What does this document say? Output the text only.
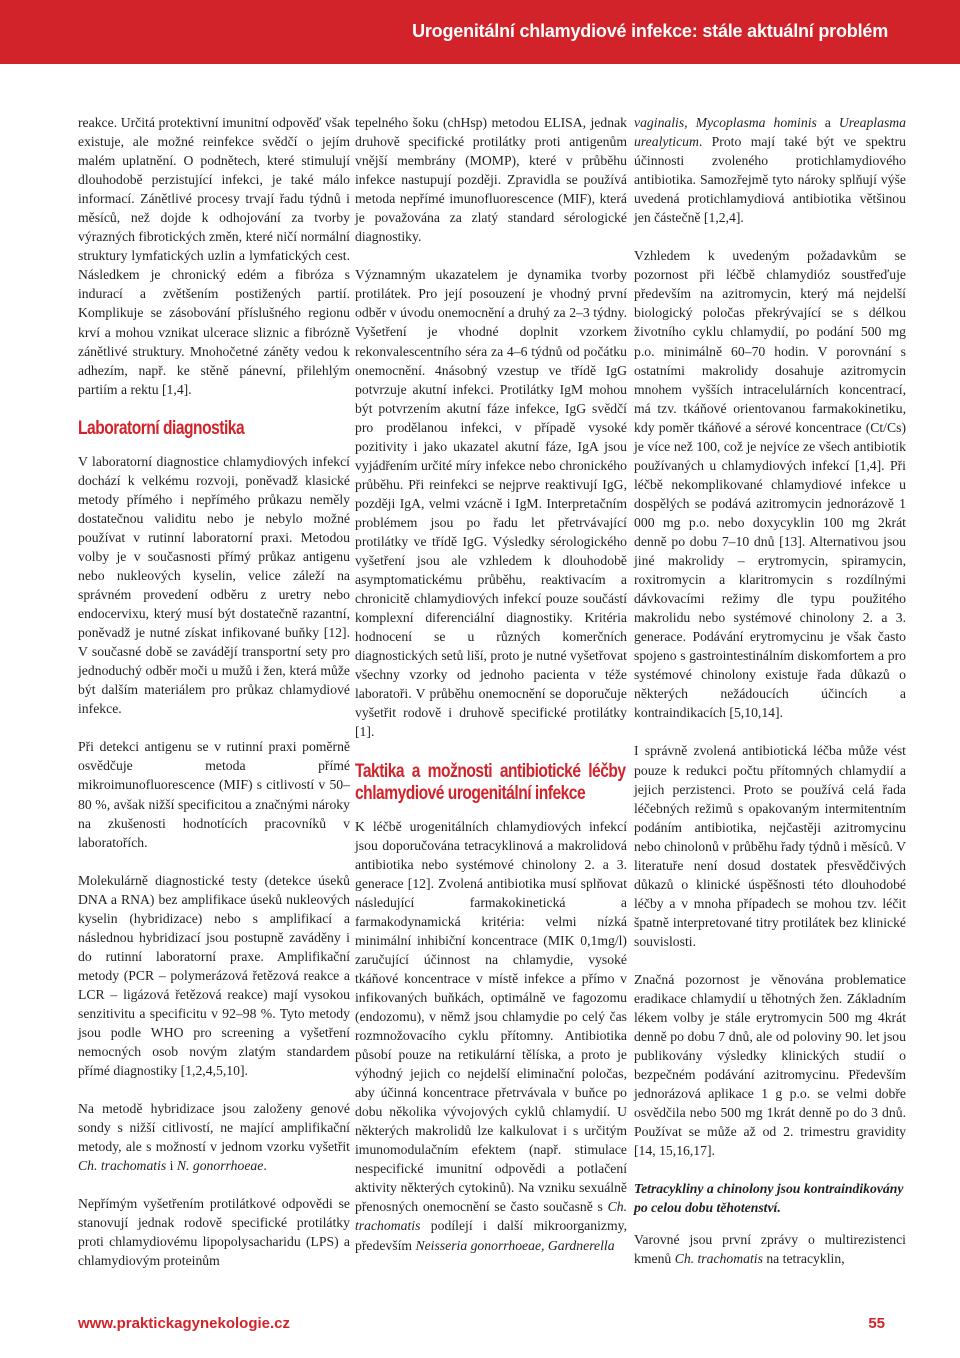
Urogenitální chlamydiové infekce: stále aktuální problém

reakce. Určitá protektivní imunitní odpověď však existuje, ale možné reinfekce svědčí o jejím malém uplatnění. O podnětech, které stimulují dlouhodobě perzistující infekci, je také málo informací. Zánětlivé procesy trvají řadu týdnů i měsíců, než dojde k odhojování za tvorby výrazných fibrotických změn, které ničí normální struktury lymfatických uzlin a lymfatických cest. Následkem je chronický edém a fibróza s indurací a zvětšením postižených partií. Komplikuje se zásobování příslušného regionu krví a mohou vznikat ulcerace sliznic a fibrózně zánětlivé struktury. Mnohočetné záněty vedou k adhezím, např. ke stěně pánevní, přilehlým partiím a rektu [1,4].

Laboratorní diagnostika

V laboratorní diagnostice chlamydiových infekcí dochází k velkému rozvoji, poněvadž klasické metody přímého i nepřímého průkazu neměly dostatečnou validitu nebo je nebylo možné používat v rutinní laboratorní praxi. Metodou volby je v současnosti přímý průkaz antigenu nebo nukleových kyselin, velice záleží na správném provedení odběru z uretry nebo endocervixu, který musí být dostatečně razantní, poněvadž je nutné získat infikované buňky [12]. V současné době se zavádějí transportní sety pro jednoduchý odběr moči u mužů i žen, která může být dalším materiálem pro průkaz chlamydiové infekce.

Při detekci antigenu se v rutinní praxi poměrně osvědčuje metoda přímé mikroimunofluorescence (MIF) s citlivostí v 50–80 %, avšak nižší specificitou a značnými nároky na zkušenosti hodnotících pracovníků v laboratořích.

Molekulárně diagnostické testy (detekce úseků DNA a RNA) bez amplifikace úseků nukleových kyselin (hybridizace) nebo s amplifikací a následnou hybridizací jsou postupně zaváděny i do rutinní laboratorní praxe. Amplifikační metody (PCR – polymerázová řetězová reakce a LCR – ligázová řetězová reakce) mají vysokou senzitivitu a specificitu v 92–98 %. Tyto metody jsou podle WHO pro screening a vyšetření nemocných osob novým zlatým standardem přímé diagnostiky [1,2,4,5,10].

Na metodě hybridizace jsou založeny genové sondy s nižší citlivostí, ne mající amplifikační metody, ale s možností v jednom vzorku vyšetřit Ch. trachomatis i N. gonorrhoeae.

Nepřímým vyšetřením protilátkové odpovědi se stanovují jednak rodově specifické protilátky proti chlamydiovému lipopolysacharidu (LPS) a chlamydiovým proteinům

tepelného šoku (chHsp) metodou ELISA, jednak druhově specifické protilátky proti antigenům vnější membrány (MOMP), které v průběhu infekce nastupují později. Zpravidla se používá metoda nepřímé imunofluorescence (MIF), která je považována za zlatý standard sérologické diagnostiky.

Významným ukazatelem je dynamika tvorby protilátek. Pro její posouzení je vhodný první odběr v úvodu onemocnění a druhý za 2–3 týdny. Vyšetření je vhodné doplnit vzorkem rekonvalescentního séra za 4–6 týdnů od počátku onemocnění. 4násobný vzestup ve třídě IgG potvrzuje akutní infekci. Protilátky IgM mohou být potvrzením akutní fáze infekce, IgG svědčí pro prodělanou infekci, v případě vysoké pozitivity i jako ukazatel akutní fáze, IgA jsou vyjádřením určité míry infekce nebo chronického průběhu. Při reinfekci se nejprve reaktivují IgG, později IgA, velmi vzácně i IgM. Interpretačním problémem jsou po řadu let přetrvávající protilátky ve třídě IgG. Výsledky sérologického vyšetření jsou ale vzhledem k dlouhodobě asymptomatickému průběhu, reaktivacím a chronicitě chlamydiových infekcí pouze součástí komplexní diferenciální diagnostiky. Kritéria hodnocení se u různých komerčních diagnostických setů liší, proto je nutné vyšetřovat všechny vzorky od jednoho pacienta v téže laboratoři. V průběhu onemocnění se doporučuje vyšetřit rodově i druhově specifické protilátky [1].

Taktika a možnosti antibiotické léčby chlamydiové urogenitální infekce

K léčbě urogenitálních chlamydiových infekcí jsou doporučována tetracyklinová a makrolidová antibiotika nebo systémové chinolony 2. a 3. generace [12]. Zvolená antibiotika musí splňovat následující farmakokinetická a farmakodynamická kritéria: velmi nízká minimální inhibiční koncentrace (MIK 0,1mg/l) zaručující účinnost na chlamydie, vysoké tkáňové koncentrace v místě infekce a přímo v infikovaných buňkách, optimálně ve fagozomu (endozomu), v němž jsou chlamydie po celý čas rozmnožovacího cyklu přítomny. Antibiotika působí pouze na retikulární tělíska, a proto je výhodný jejich co nejdelší eliminační poločas, aby účinná koncentrace přetrvávala v buňce po dobu několika vývojových cyklů chlamydií. U některých makrolidů lze kalkulovat i s určitým imunomodulačním efektem (např. stimulace nespecifické imunitní odpovědi a potlačení aktivity některých cytokinů). Na vzniku sexuálně přenosných onemocnění se často současně s Ch. trachomatis podílejí i další mikroorganizmy, především Neisseria gonorrhoeae, Gardnerella

vaginalis, Mycoplasma hominis a Ureaplasma urealyticum. Proto mají také být ve spektru účinnosti zvoleného protichlamydiového antibiotika. Samozřejmě tyto nároky splňují výše uvedená protichlamydiová antibiotika většinou jen částečně [1,2,4].

Vzhledem k uvedeným požadavkům se pozornost při léčbě chlamydióz soustřeďuje především na azitromycin, který má nejdelší biologický poločas překrývající se s délkou životního cyklu chlamydií, po podání 500 mg p.o. minimálně 60–70 hodin. V porovnání s ostatními makrolidy dosahuje azitromycin mnohem vyšších intracelulárních koncentrací, má tzv. tkáňové orientovanou farmakokinetiku, kdy poměr tkáňové a sérové koncentrace (Ct/Cs) je více než 100, což je nejvíce ze všech antibiotik používaných u chlamydiových infekcí [1,4]. Při léčbě nekomplikované chlamydiové infekce u dospělých se podává azitromycin jednorázově 1 000 mg p.o. nebo doxycyklin 100 mg 2krát denně po dobu 7–10 dnů [13]. Alternativou jsou jiné makrolidy – erytromycin, spiramycin, roxitromycin a klaritromycin s rozdílnými dávkovacími režimy dle typu použitého makrolidu nebo systémové chinolony 2. a 3. generace. Podávání erytromycinu je však často spojeno s gastrointestinálním diskomfortem a pro systémové chinolony existuje řada důkazů o některých nežádoucích účincích a kontraindikacích [5,10,14].

I správně zvolená antibiotická léčba může vést pouze k redukci počtu přítomných chlamydií a jejich perzistenci. Proto se používá celá řada léčebných režimů s opakovaným intermitentním podáním antibiotika, nejčastěji azitromycinu nebo chinolonů v průběhu řady týdnů i měsíců. V literatuře není dosud dostatek přesvědčivých důkazů o klinické úspěšnosti této dlouhodobé léčby a v mnoha případech se mohou tzv. léčit špatně interpretované titry protilátek bez klinické souvislosti.

Značná pozornost je věnována problematice eradikace chlamydií u těhotných žen. Základním lékem volby je stále erytromycin 500 mg 4krát denně po dobu 7 dnů, ale od poloviny 90. let jsou publikovány výsledky klinických studií o bezpečném podávání azitromycinu. Především jednorázová aplikace 1 g p.o. se velmi dobře osvědčila nebo 500 mg 1krát denně po do 3 dnů. Používat se může až od 2. trimestru gravidity [14, 15,16,17].

Tetracykliny a chinolony jsou kontraindikovány po celou dobu těhotenství.

Varovné jsou první zprávy o multirezistenci kmenů Ch. trachomatis na tetracyklin,

www.praktickagynekologie.cz	55
